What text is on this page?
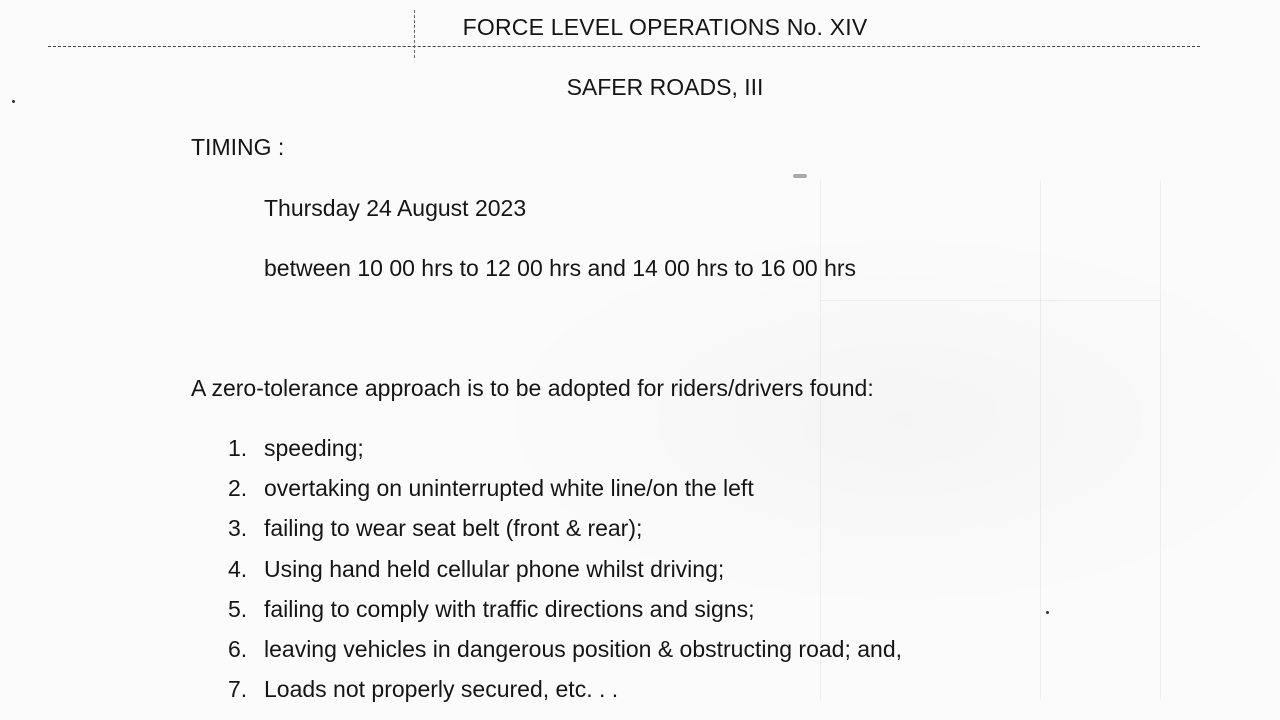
FORCE LEVEL OPERATIONS No. XIV
SAFER ROADS, III
TIMING :
Thursday 24 August 2023
between 10 00 hrs to 12 00 hrs and 14 00 hrs to 16 00 hrs
A zero-tolerance approach is to be adopted for riders/drivers found:
1. speeding;
2. overtaking on uninterrupted white line/on the left
3. failing to wear seat belt (front & rear);
4. Using hand held cellular phone whilst driving;
5. failing to comply with traffic directions and signs;
6. leaving vehicles in dangerous position & obstructing road; and,
7. Loads not properly secured, etc. . .
